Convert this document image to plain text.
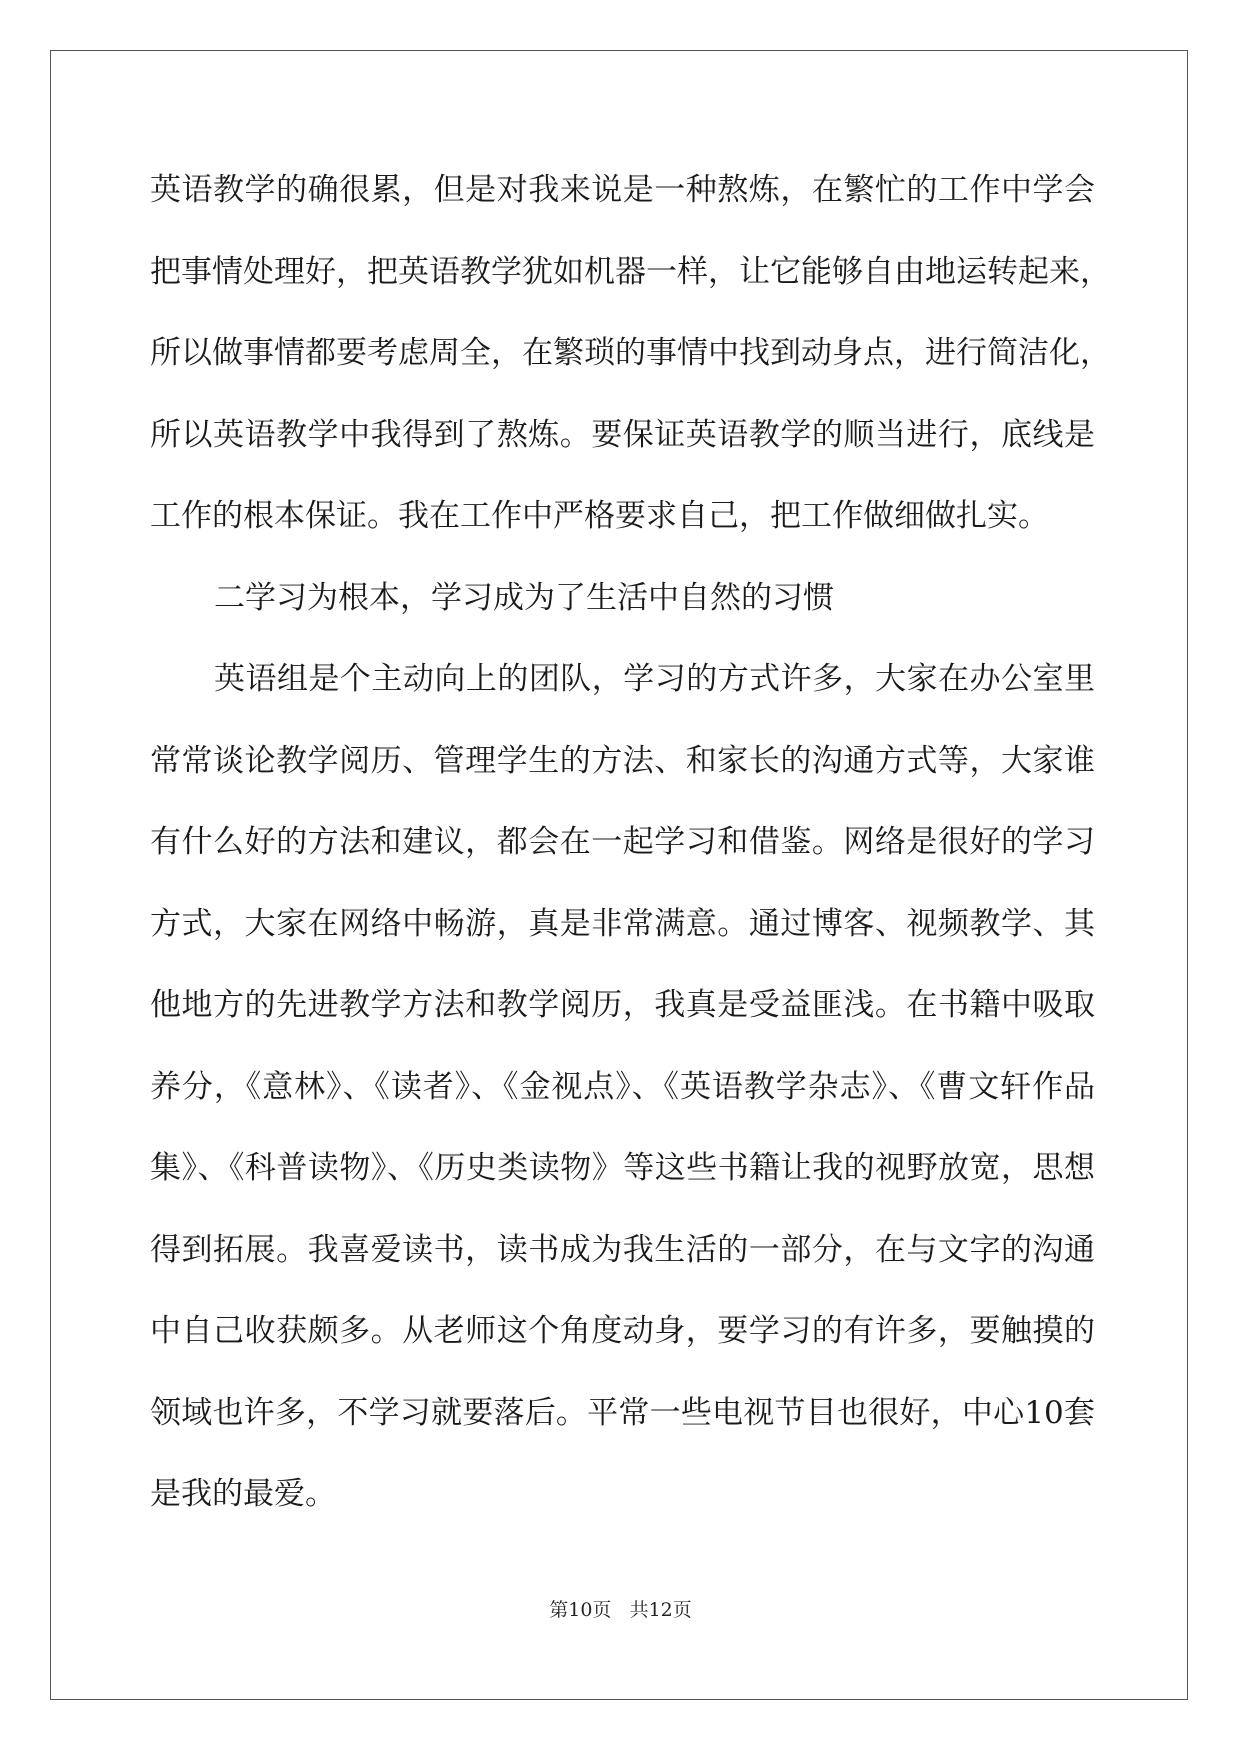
英语教学的确很累，但是对我来说是一种熬炼，在繁忙的工作中学会
把事情处理好，把英语教学犹如机器一样，让它能够自由地运转起来，
所以做事情都要考虑周全，在繁琐的事情中找到动身点，进行简洁化，
所以英语教学中我得到了熬炼。要保证英语教学的顺当进行，底线是
工作的根本保证。我在工作中严格要求自己，把工作做细做扎实。
二学习为根本，学习成为了生活中自然的习惯
英语组是个主动向上的团队，学习的方式许多，大家在办公室里
常常谈论教学阅历、管理学生的方法、和家长的沟通方式等，大家谁
有什么好的方法和建议，都会在一起学习和借鉴。网络是很好的学习
方式，大家在网络中畅游，真是非常满意。通过博客、视频教学、其
他地方的先进教学方法和教学阅历，我真是受益匪浅。在书籍中吸取
养分，《意林》、《读者》、《金视点》、《英语教学杂志》、《曹文轩作品
集》、《科普读物》、《历史类读物》等这些书籍让我的视野放宽，思想
得到拓展。我喜爱读书，读书成为我生活的一部分，在与文字的沟通
中自己收获颇多。从老师这个角度动身，要学习的有许多，要触摸的
领域也许多，不学习就要落后。平常一些电视节目也很好，中心10套
是我的最爱。
第10页 共12页
